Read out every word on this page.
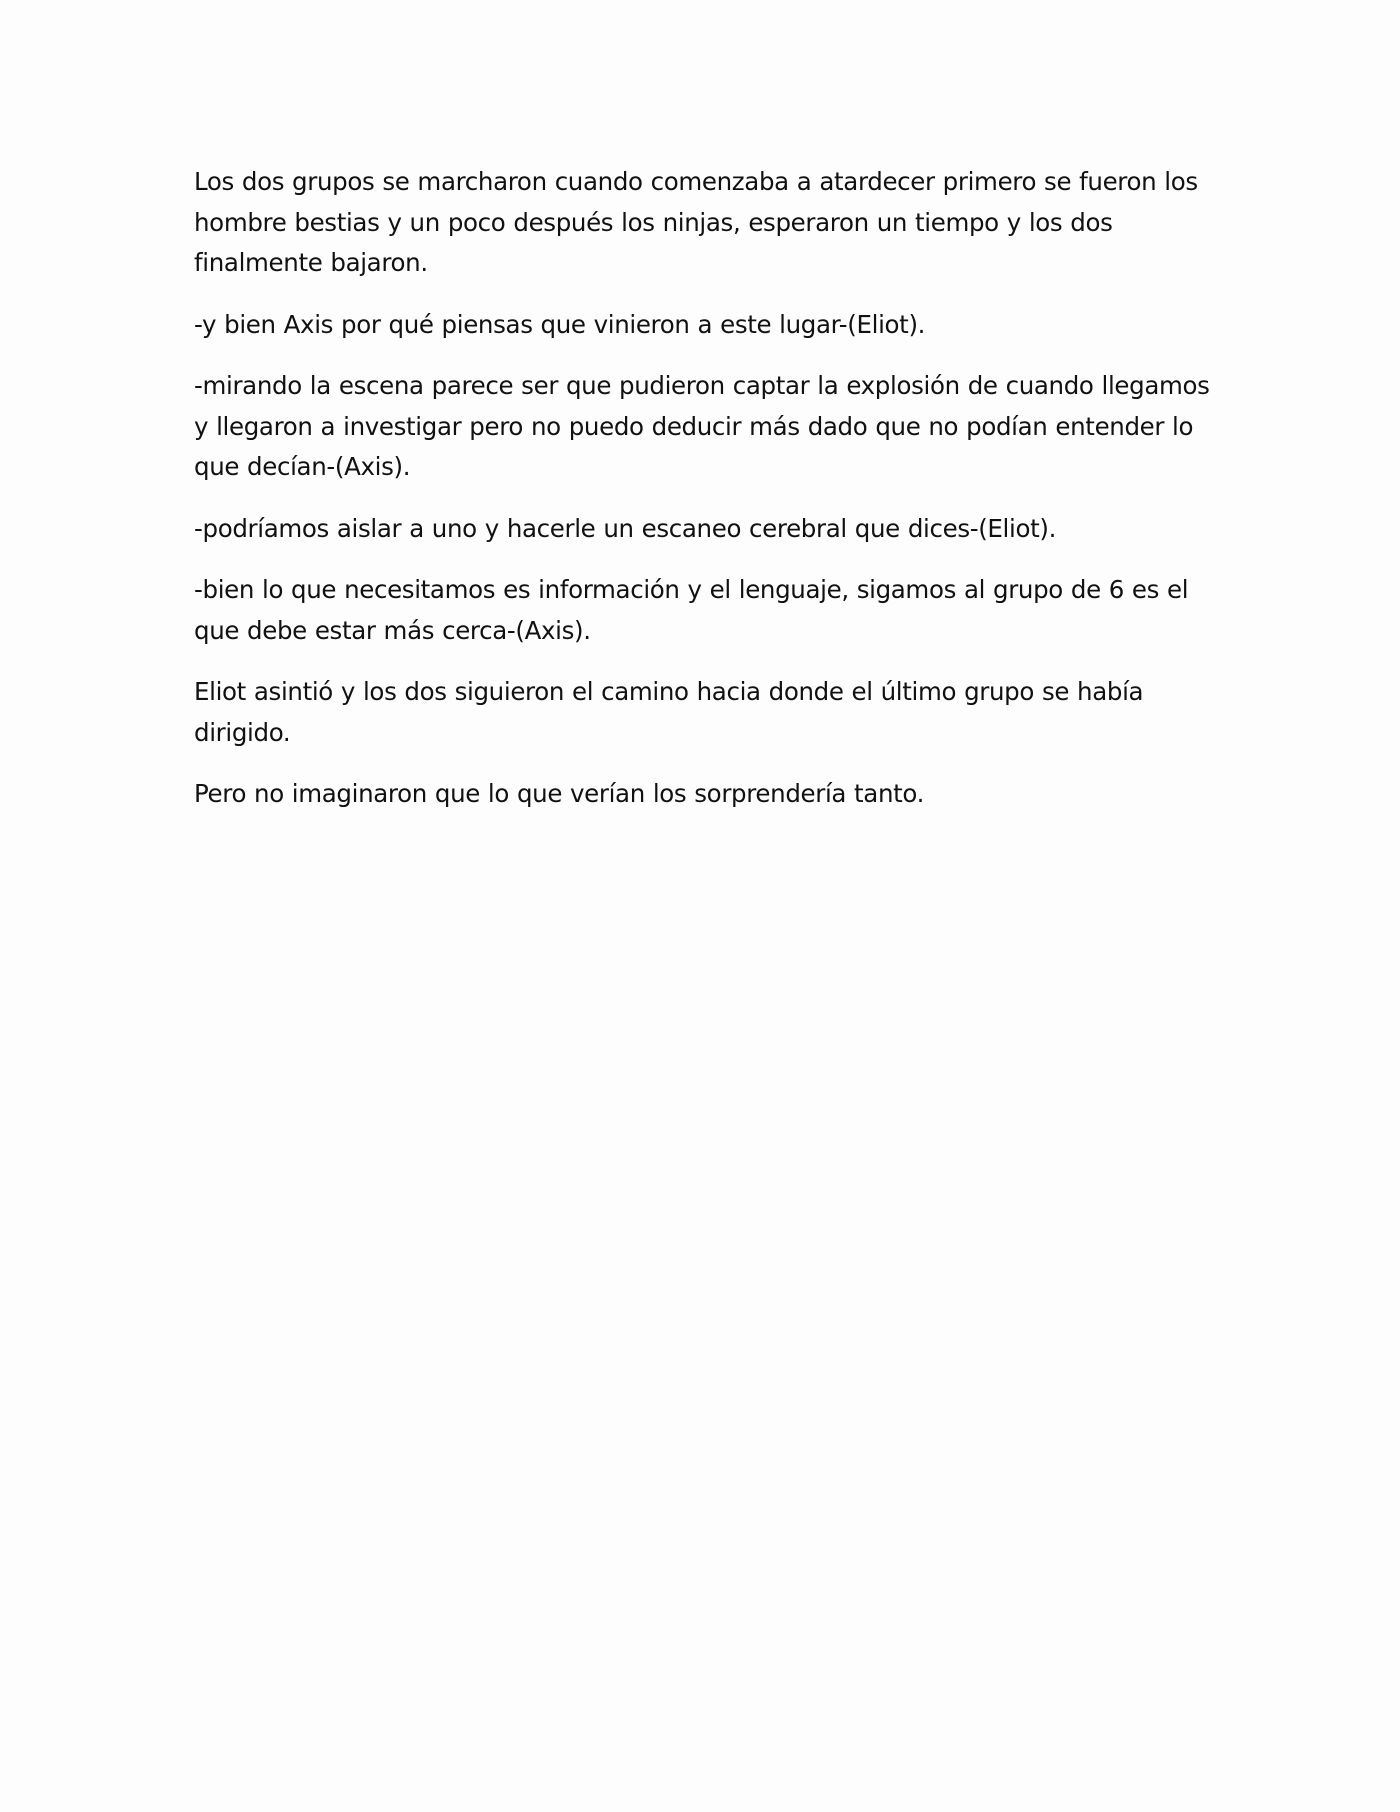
Los dos grupos se marcharon cuando comenzaba a atardecer primero se fueron los hombre bestias y un poco después los ninjas, esperaron un tiempo y los dos finalmente bajaron.

-y bien Axis por qué piensas que vinieron a este lugar-(Eliot).

-mirando la escena parece ser que pudieron captar la explosión de cuando llegamos y llegaron a investigar pero no puedo deducir más dado que no podían entender lo que decían-(Axis).

-podríamos aislar a uno y hacerle un escaneo cerebral que dices-(Eliot).

-bien lo que necesitamos es información y el lenguaje, sigamos al grupo de 6 es el que debe estar más cerca-(Axis).

Eliot asintió y los dos siguieron el camino hacia donde el último grupo se había dirigido.

Pero no imaginaron que lo que verían los sorprendería tanto.
